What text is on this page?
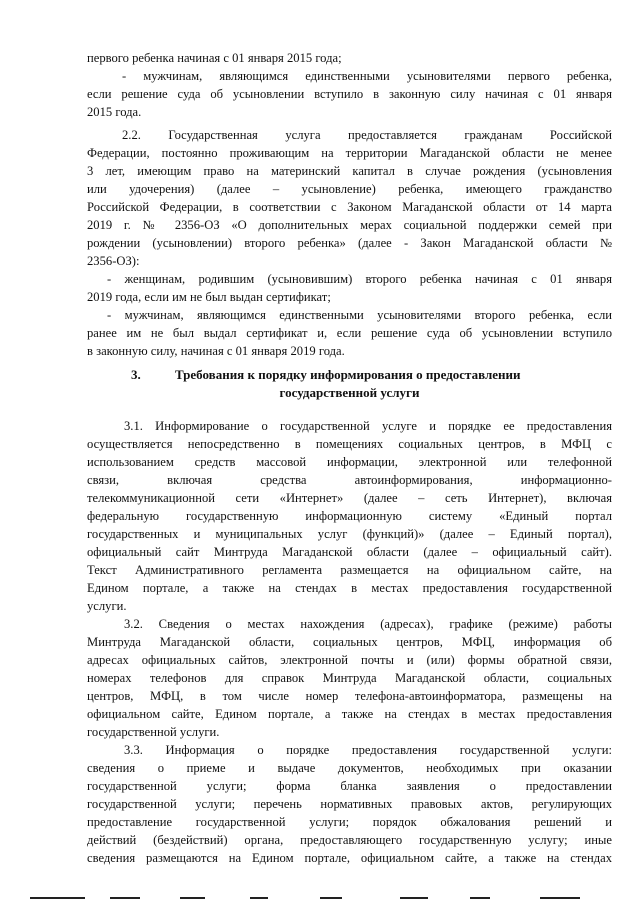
первого ребенка начиная с 01 января 2015 года;
- мужчинам, являющимся единственными усыновителями первого ребенка,
если решение суда об усыновлении вступило в законную силу начиная с 01 января
2015 года.
2.2. Государственная услуга предоставляется гражданам Российской
Федерации, постоянно проживающим на территории Магаданской области не менее
3 лет, имеющим право на материнский капитал в случае рождения (усыновления
или удочерения) (далее – усыновление) ребенка, имеющего гражданство
Российской Федерации, в соответствии с Законом Магаданской области от 14 марта
2019 г. № 2356-ОЗ «О дополнительных мерах социальной поддержки семей при
рождении (усыновлении) второго ребенка» (далее - Закон Магаданской области №
2356-ОЗ):
- женщинам, родившим (усыновившим) второго ребенка начиная с 01 января
2019 года, если им не был выдан сертификат;
- мужчинам, являющимся единственными усыновителями второго ребенка, если
ранее им не был выдал сертификат и, если решение суда об усыновлении вступило
в законную силу, начиная с 01 января 2019 года.
3.	Требования к порядку информирования о предоставлении
государственной услуги
3.1. Информирование о государственной услуге и порядке ее предоставления
осуществляется непосредственно в помещениях социальных центров, в МФЦ с
использованием средств массовой информации, электронной или телефонной
связи, включая средства автоинформирования, информационно-
телекоммуникационной сети «Интернет» (далее – сеть Интернет), включая
федеральную государственную информационную систему «Единый портал
государственных и муниципальных услуг (функций)» (далее – Единый портал),
официальный сайт Минтруда Магаданской области (далее – официальный сайт).
Текст Административного регламента размещается на официальном сайте, на
Едином портале, а также на стендах в местах предоставления государственной
услуги.
3.2. Сведения о местах нахождения (адресах), графике (режиме) работы
Минтруда Магаданской области, социальных центров, МФЦ, информация об
адресах официальных сайтов, электронной почты и (или) формы обратной связи,
номерах телефонов для справок Минтруда Магаданской области, социальных
центров, МФЦ, в том числе номер телефона-автоинформатора, размещены на
официальном сайте, Едином портале, а также на стендах в местах предоставления
государственной услуги.
3.3. Информация о порядке предоставления государственной услуги:
сведения о приеме и выдаче документов, необходимых при оказании
государственной услуги; форма бланка заявления о предоставлении
государственной услуги; перечень нормативных правовых актов, регулирующих
предоставление государственной услуги; порядок обжалования решений и
действий (бездействий) органа, предоставляющего государственную услугу; иные
сведения размещаются на Едином портале, официальном сайте, а также на стендах
